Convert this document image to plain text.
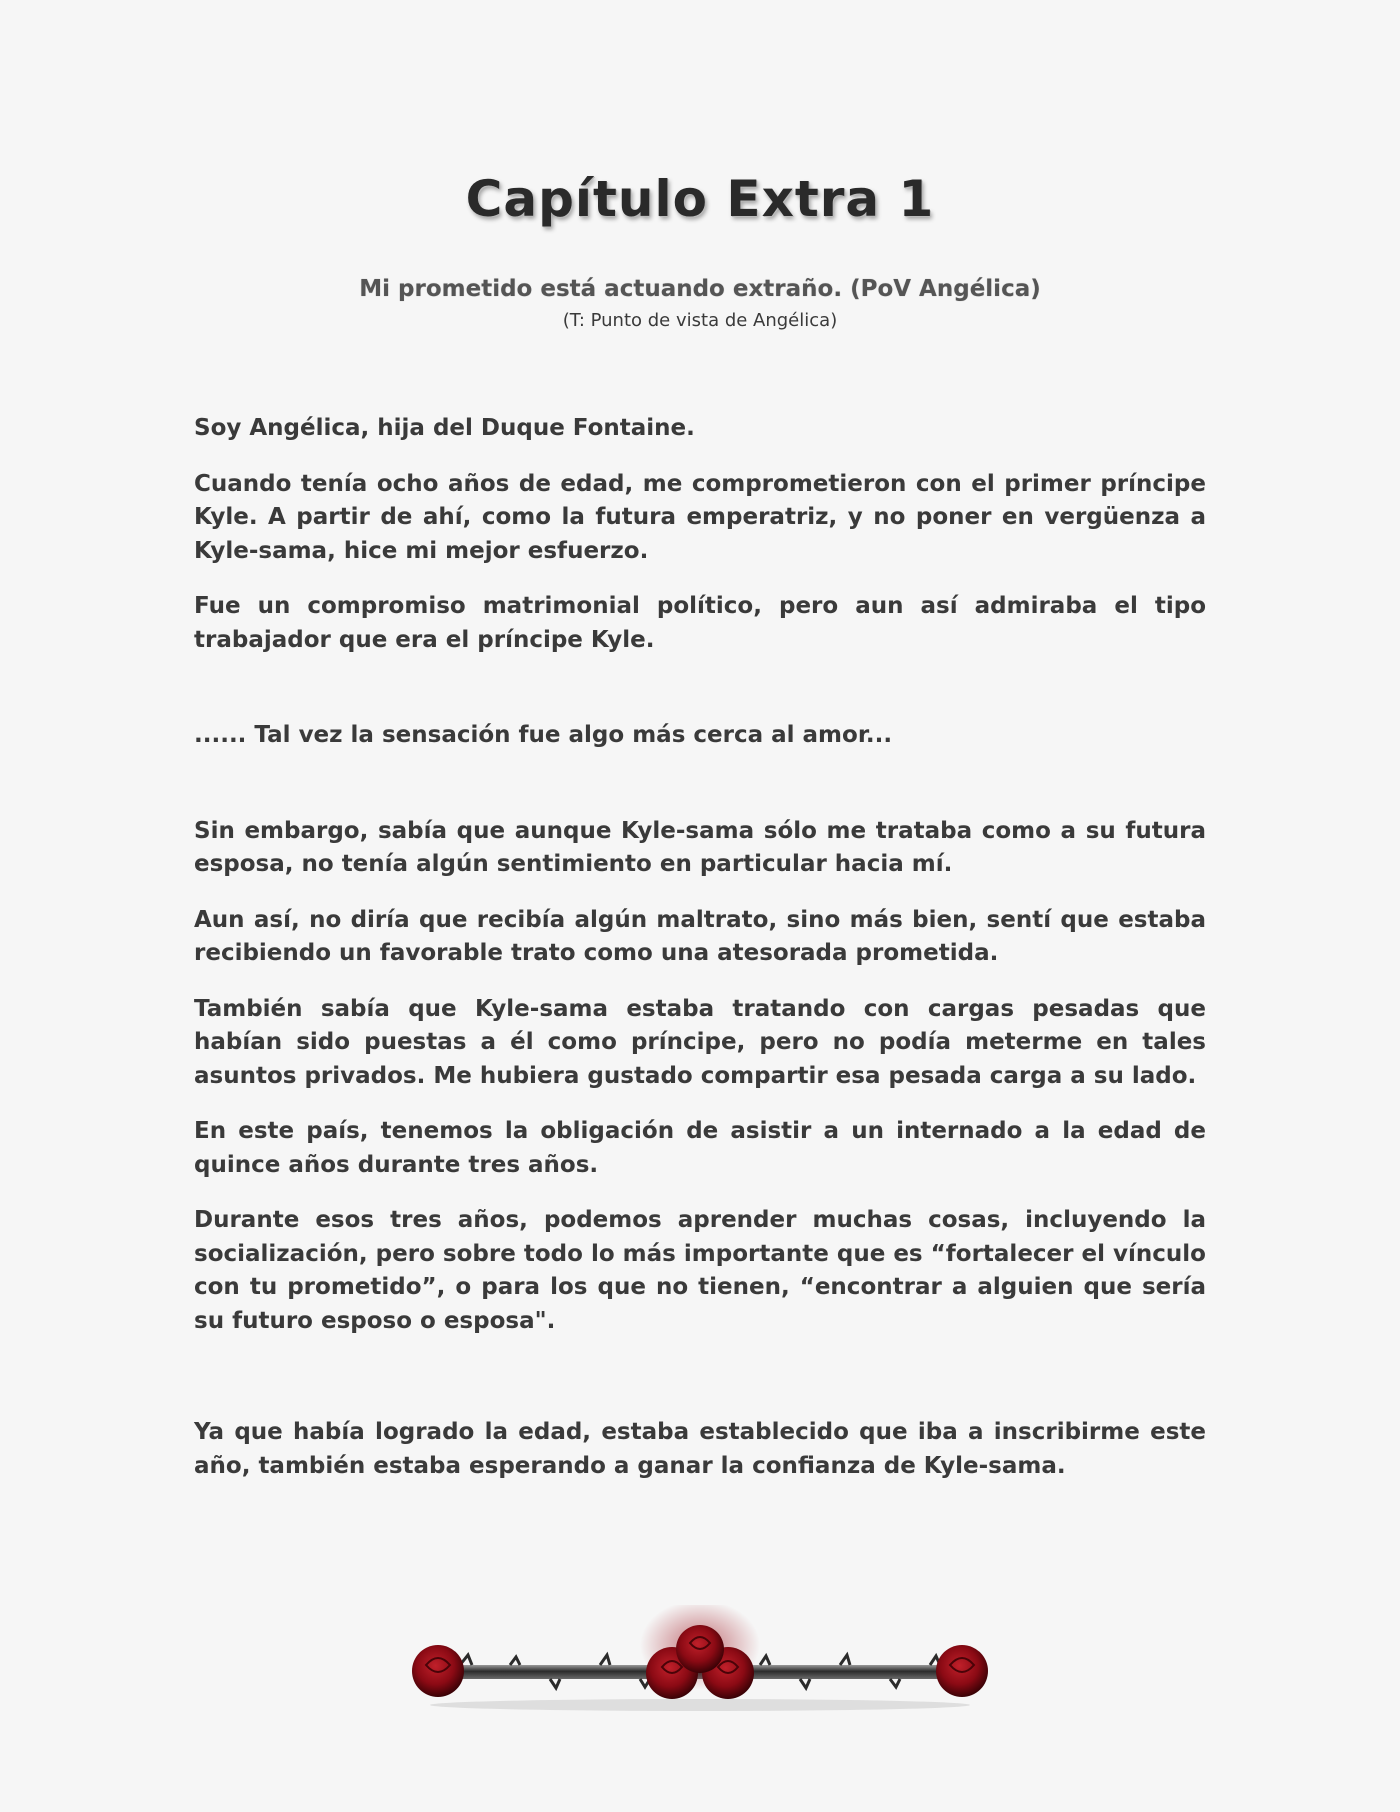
Capítulo Extra 1
Mi prometido está actuando extraño. (PoV Angélica)
(T: Punto de vista de Angélica)

Soy Angélica, hija del Duque Fontaine.

Cuando tenía ocho años de edad, me comprometieron con el primer príncipe Kyle. A partir de ahí, como la futura emperatriz, y no poner en vergüenza a Kyle-sama, hice mi mejor esfuerzo.

Fue un compromiso matrimonial político, pero aun así admiraba el tipo trabajador que era el príncipe Kyle.

...... Tal vez la sensación fue algo más cerca al amor...

Sin embargo, sabía que aunque Kyle-sama sólo me trataba como a su futura esposa, no tenía algún sentimiento en particular hacia mí.

Aun así, no diría que recibía algún maltrato, sino más bien, sentí que estaba recibiendo un favorable trato como una atesorada prometida.

También sabía que Kyle-sama estaba tratando con cargas pesadas que habían sido puestas a él como príncipe, pero no podía meterme en tales asuntos privados. Me hubiera gustado compartir esa pesada carga a su lado.

En este país, tenemos la obligación de asistir a un internado a la edad de quince años durante tres años.

Durante esos tres años, podemos aprender muchas cosas, incluyendo la socialización, pero sobre todo lo más importante que es “fortalecer el vínculo con tu prometido”, o para los que no tienen, “encontrar a alguien que sería su futuro esposo o esposa".

Ya que había logrado la edad, estaba establecido que iba a inscribirme este año, también estaba esperando a ganar la confianza de Kyle-sama.
